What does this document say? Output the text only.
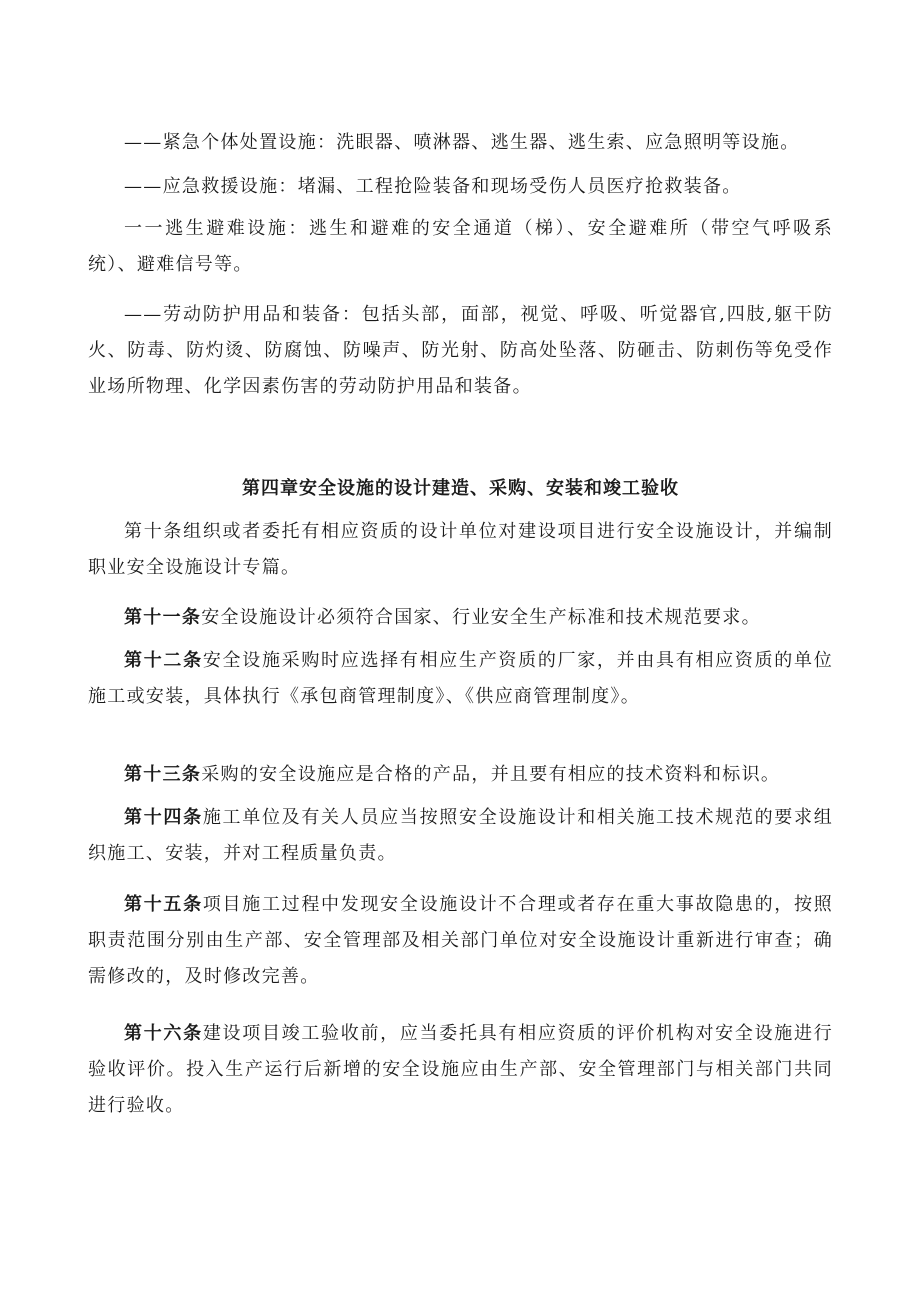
——紧急个体处置设施：洗眼器、喷淋器、逃生器、逃生索、应急照明等设施。

——应急救援设施：堵漏、工程抢险装备和现场受伤人员医疗抢救装备。

一一逃生避难设施：逃生和避难的安全通道（梯）、安全避难所（带空气呼吸系统）、避难信号等。

——劳动防护用品和装备：包括头部，面部，视觉、呼吸、听觉器官,四肢,躯干防火、防毒、防灼烫、防腐蚀、防噪声、防光射、防高处坠落、防砸击、防刺伤等免受作业场所物理、化学因素伤害的劳动防护用品和装备。

第四章安全设施的设计建造、采购、安装和竣工验收

第十条组织或者委托有相应资质的设计单位对建设项目进行安全设施设计，并编制职业安全设施设计专篇。

第十一条安全设施设计必须符合国家、行业安全生产标准和技术规范要求。

第十二条安全设施采购时应选择有相应生产资质的厂家，并由具有相应资质的单位施工或安装，具体执行《承包商管理制度》、《供应商管理制度》。

第十三条采购的安全设施应是合格的产品，并且要有相应的技术资料和标识。

第十四条施工单位及有关人员应当按照安全设施设计和相关施工技术规范的要求组织施工、安装，并对工程质量负责。

第十五条项目施工过程中发现安全设施设计不合理或者存在重大事故隐患的，按照职责范围分别由生产部、安全管理部及相关部门单位对安全设施设计重新进行审查；确需修改的，及时修改完善。

第十六条建设项目竣工验收前，应当委托具有相应资质的评价机构对安全设施进行验收评价。投入生产运行后新增的安全设施应由生产部、安全管理部门与相关部门共同进行验收。
